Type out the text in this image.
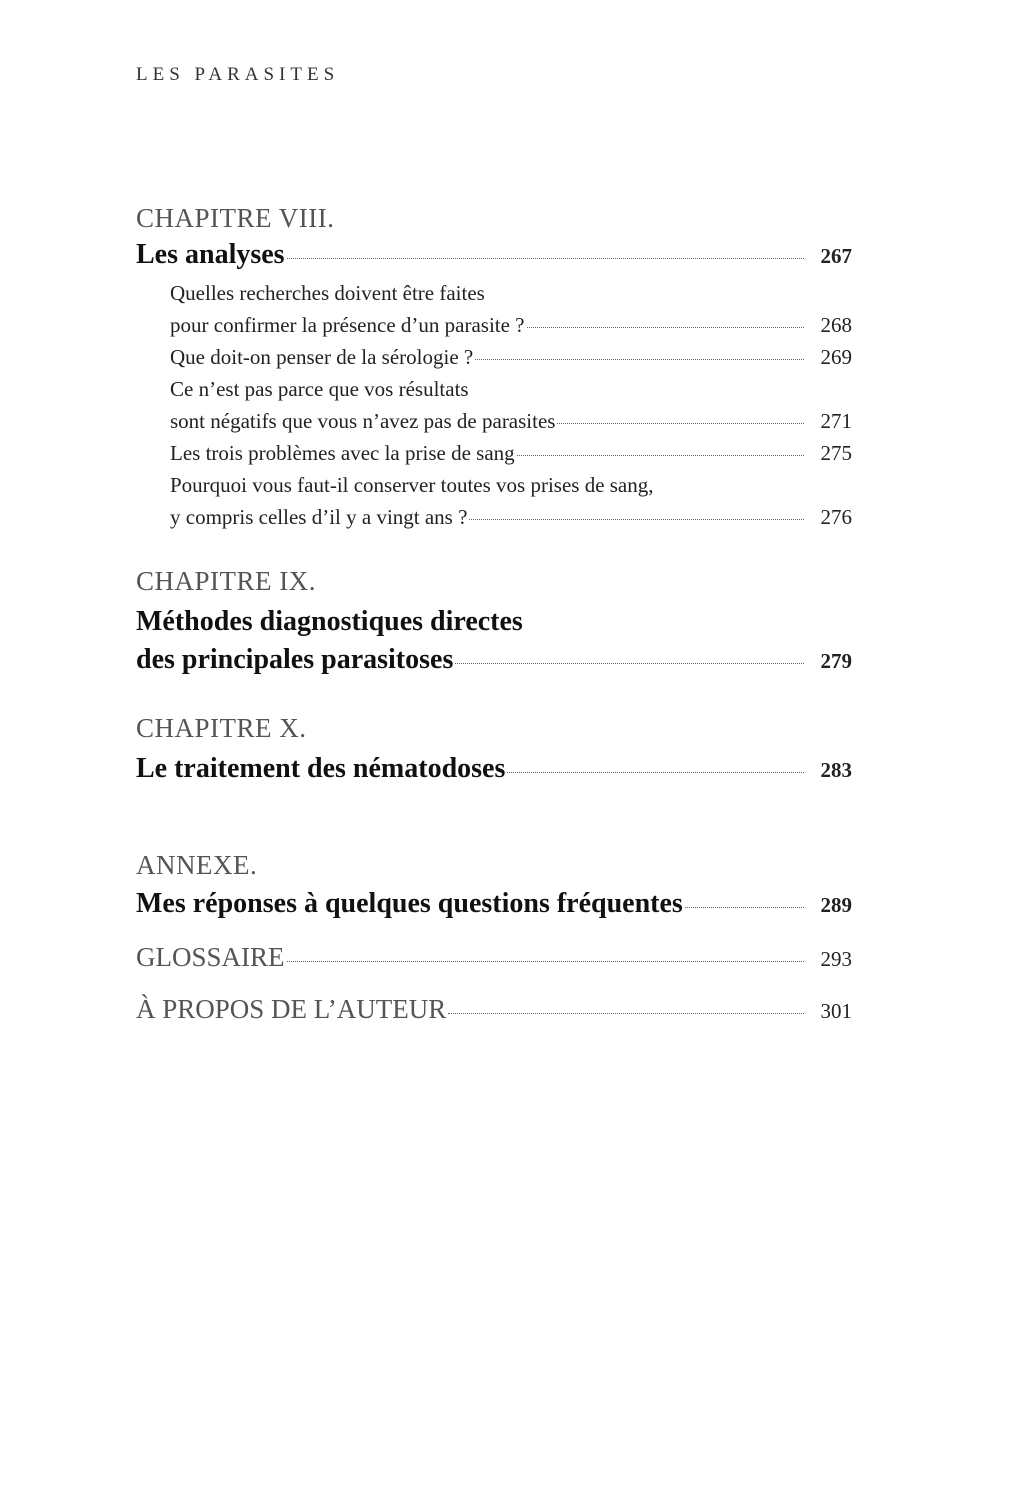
LES PARASITES
CHAPITRE VIII.
Les analyses	267
Quelles recherches doivent être faites
pour confirmer la présence d’un parasite ?	268
Que doit-on penser de la sérologie ?	269
Ce n’est pas parce que vos résultats
sont négatifs que vous n’avez pas de parasites	271
Les trois problèmes avec la prise de sang	275
Pourquoi vous faut-il conserver toutes vos prises de sang,
y compris celles d’il y a vingt ans ?	276
CHAPITRE IX.
Méthodes diagnostiques directes
des principales parasitoses	279
CHAPITRE X.
Le traitement des nématodoses	283
ANNEXE.
Mes réponses à quelques questions fréquentes	289
GLOSSAIRE	293
À PROPOS DE L’AUTEUR	301
